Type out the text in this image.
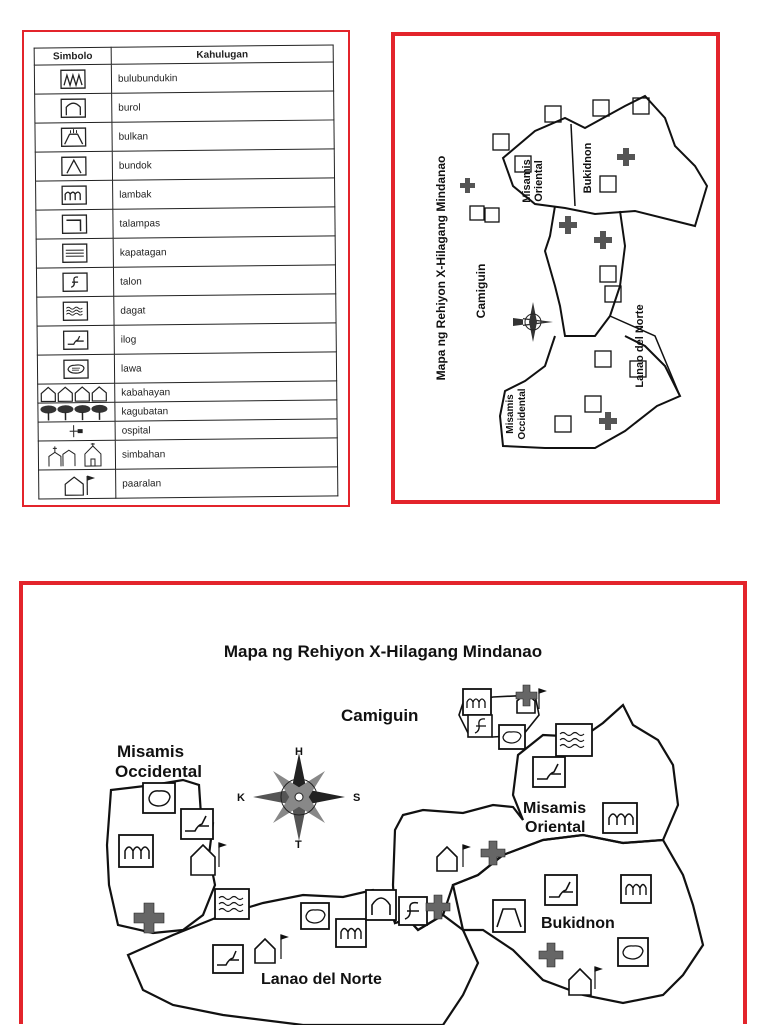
Simbolo	Kahulugan

	bulubundukin

	burol

	bulkan

	bundok

	lambak

	talampas

	kapatagan

	talon

	dagat

	ilog

	lawa

	kabahayan

	kagubatan

	ospital

	simbahan

	paaralan
Mapa ng Rehiyon X-Hilagang Mindanao	Misamis Oriental	Bukidnon
Camiguin
Lanao del Norte
Misamis Occidental
Mapa ng Rehiyon X-Hilagang Mindanao
Misamis
Occidental
Camiguin
Misamis
Oriental
Bukidnon
Lanao del Norte
H
T
K	S
